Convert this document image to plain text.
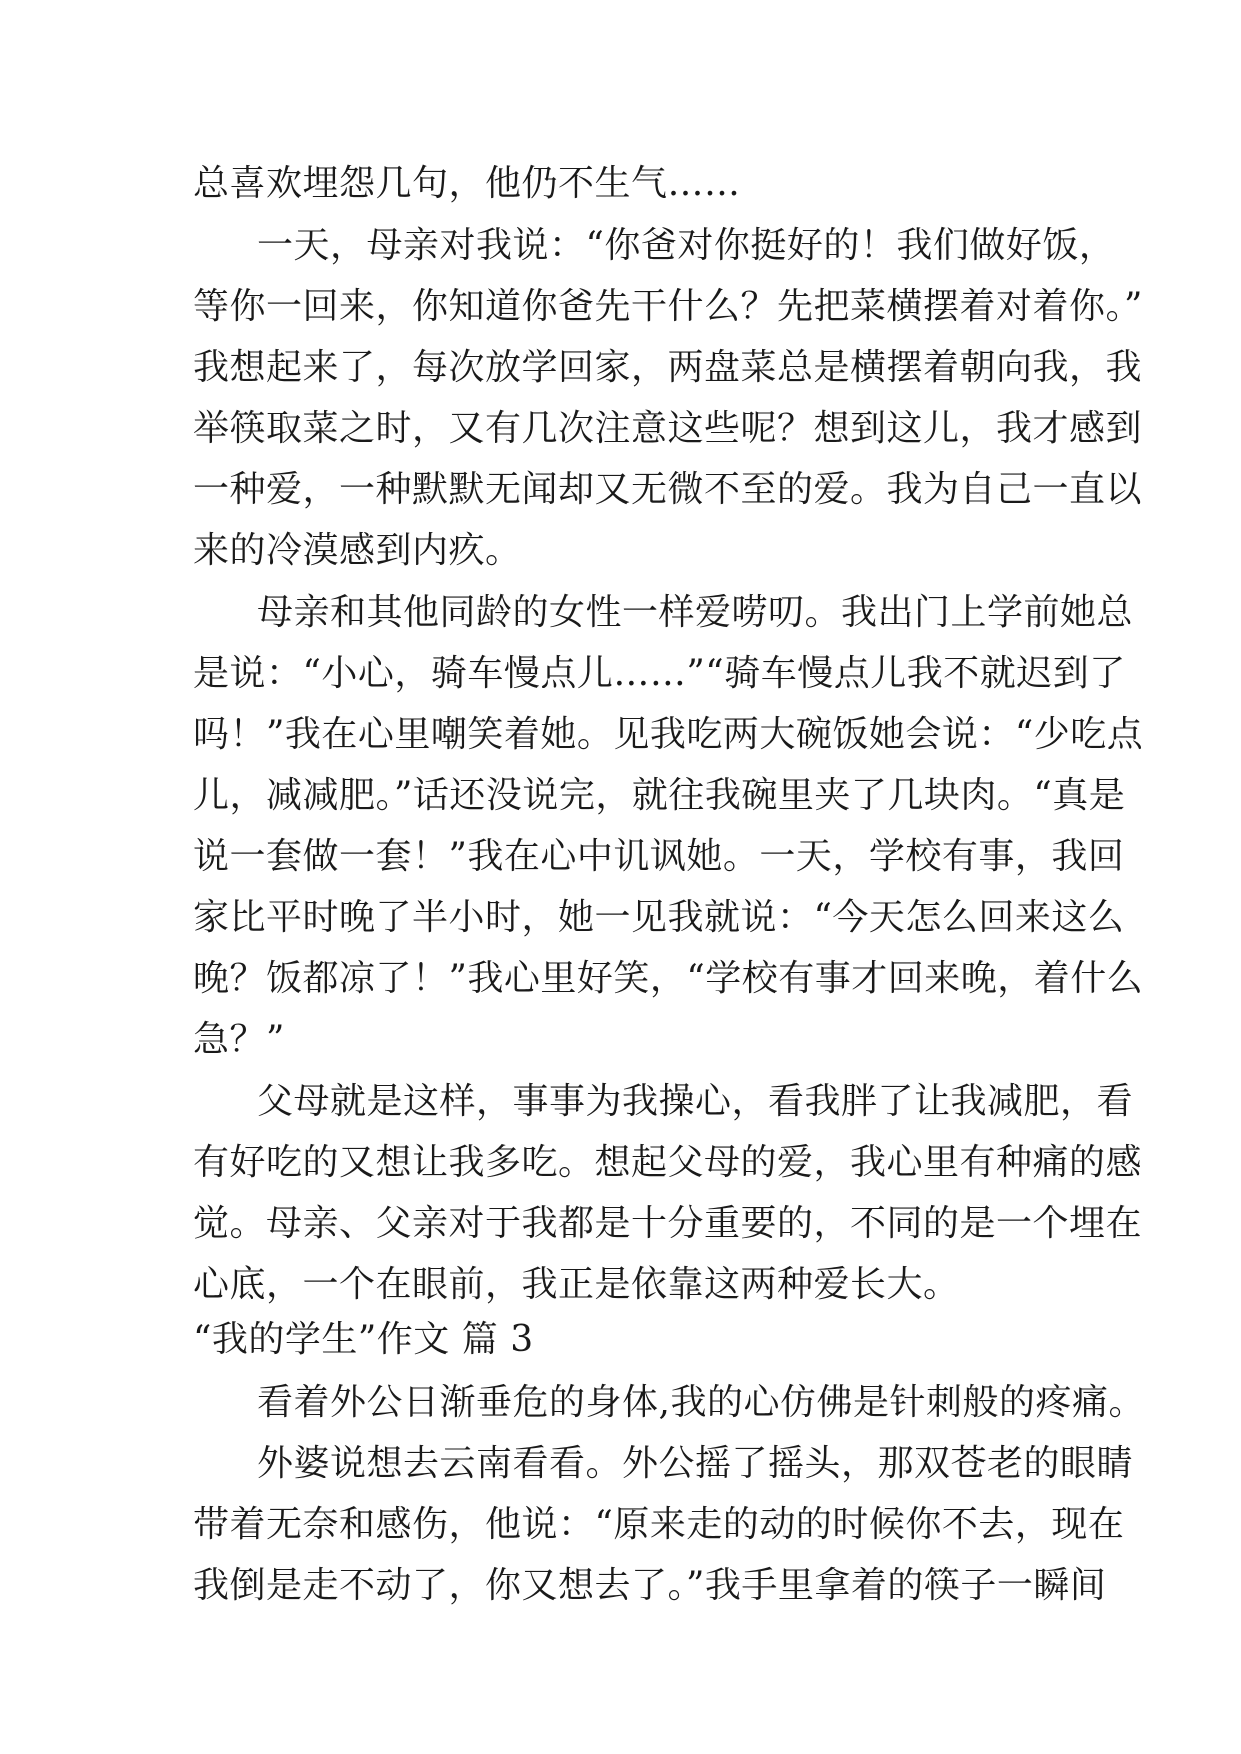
总喜欢埋怨几句，他仍不生气……
一天，母亲对我说：“你爸对你挺好的！我们做好饭，
等你一回来，你知道你爸先干什么？先把菜横摆着对着你。”
我想起来了，每次放学回家，两盘菜总是横摆着朝向我，我
举筷取菜之时，又有几次注意这些呢？想到这儿，我才感到
一种爱，一种默默无闻却又无微不至的爱。我为自己一直以
来的冷漠感到内疚。
母亲和其他同龄的女性一样爱唠叨。我出门上学前她总
是说：“小心，骑车慢点儿……”“骑车慢点儿我不就迟到了
吗！”我在心里嘲笑着她。见我吃两大碗饭她会说：“少吃点
儿，减减肥。”话还没说完，就往我碗里夹了几块肉。“真是
说一套做一套！”我在心中讥讽她。一天，学校有事，我回
家比平时晚了半小时，她一见我就说：“今天怎么回来这么
晚？饭都凉了！”我心里好笑，“学校有事才回来晚，着什么
急？”
父母就是这样，事事为我操心，看我胖了让我减肥，看
有好吃的又想让我多吃。想起父母的爱，我心里有种痛的感
觉。母亲、父亲对于我都是十分重要的，不同的是一个埋在
心底，一个在眼前，我正是依靠这两种爱长大。
“我的学生”作文 篇 3
看着外公日渐垂危的身体,我的心仿佛是针刺般的疼痛。
外婆说想去云南看看。外公摇了摇头，那双苍老的眼睛
带着无奈和感伤，他说：“原来走的动的时候你不去，现在
我倒是走不动了，你又想去了。”我手里拿着的筷子一瞬间
